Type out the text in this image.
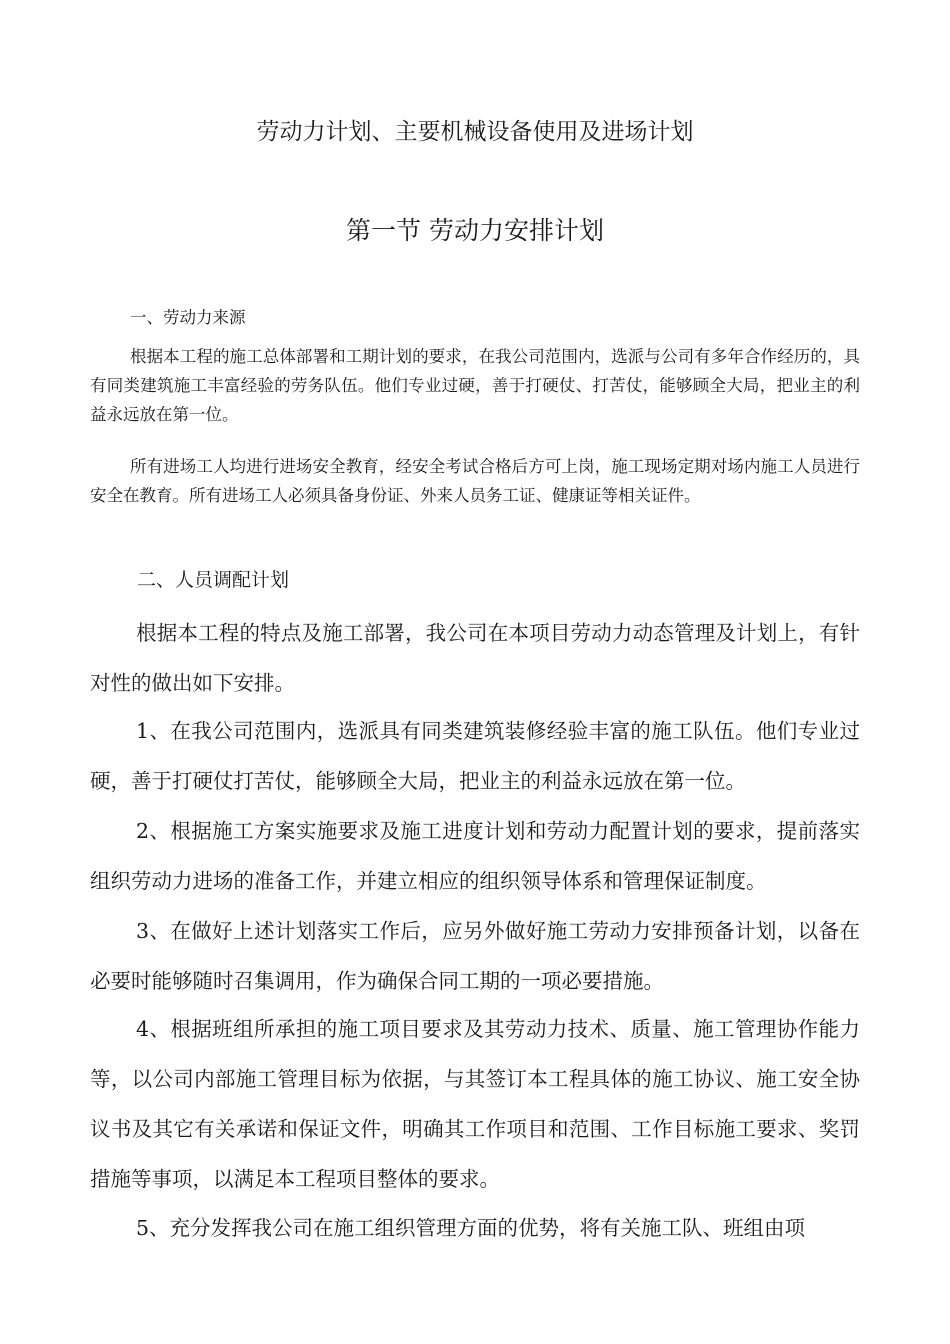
劳动力计划、主要机械设备使用及进场计划
第一节 劳动力安排计划
一、劳动力来源

根据本工程的施工总体部署和工期计划的要求，在我公司范围内，选派与公司有多年合作经历的，具有同类建筑施工丰富经验的劳务队伍。他们专业过硬，善于打硬仗、打苦仗，能够顾全大局，把业主的利益永远放在第一位。

所有进场工人均进行进场安全教育，经安全考试合格后方可上岗，施工现场定期对场内施工人员进行安全在教育。所有进场工人必须具备身份证、外来人员务工证、健康证等相关证件。

二、人员调配计划

根据本工程的特点及施工部署，我公司在本项目劳动力动态管理及计划上，有针对性的做出如下安排。

1、在我公司范围内，选派具有同类建筑装修经验丰富的施工队伍。他们专业过硬，善于打硬仗打苦仗，能够顾全大局，把业主的利益永远放在第一位。

2、根据施工方案实施要求及施工进度计划和劳动力配置计划的要求，提前落实组织劳动力进场的准备工作，并建立相应的组织领导体系和管理保证制度。

3、在做好上述计划落实工作后，应另外做好施工劳动力安排预备计划，以备在必要时能够随时召集调用，作为确保合同工期的一项必要措施。

4、根据班组所承担的施工项目要求及其劳动力技术、质量、施工管理协作能力等，以公司内部施工管理目标为依据，与其签订本工程具体的施工协议、施工安全协议书及其它有关承诺和保证文件，明确其工作项目和范围、工作目标施工要求、奖罚措施等事项，以满足本工程项目整体的要求。

5、充分发挥我公司在施工组织管理方面的优势，将有关施工队、班组由项
